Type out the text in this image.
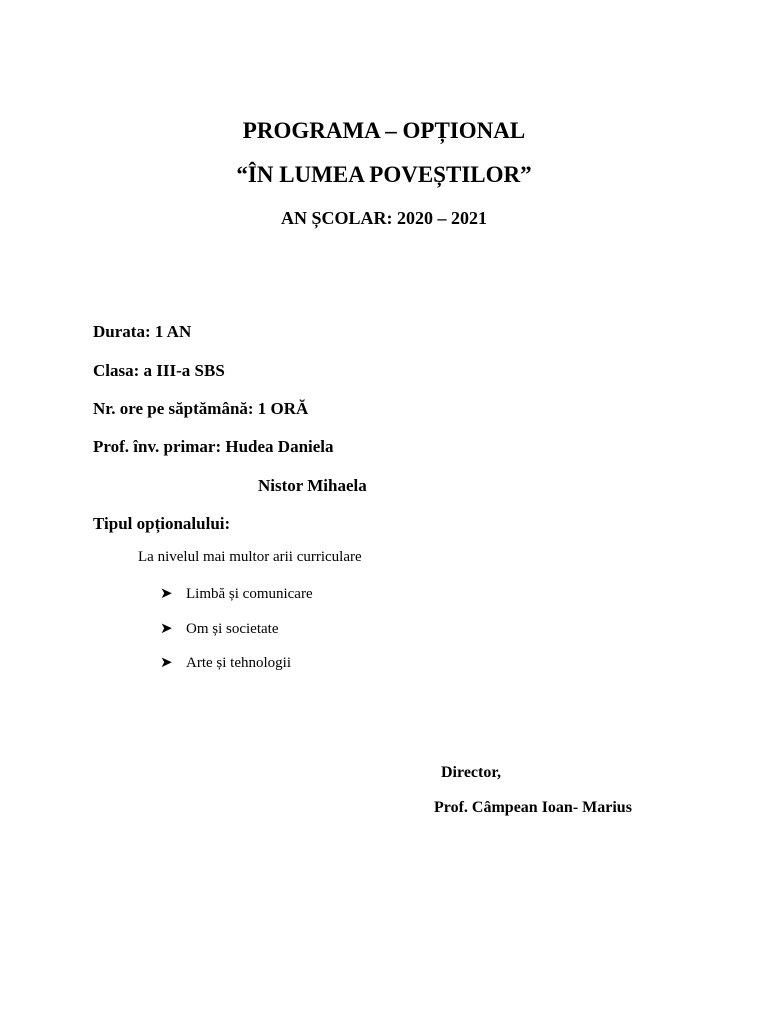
PROGRAMA – OPȚIONAL
“ÎN LUMEA POVEȘTILOR”
AN ȘCOLAR: 2020 – 2021
Durata: 1 AN
Clasa: a III-a SBS
Nr. ore pe săptămână: 1 ORĂ
Prof. înv. primar: Hudea Daniela
Nistor Mihaela
Tipul opționalului:
La nivelul mai multor arii curriculare
➤ Limbă și comunicare
➤ Om și societate
➤ Arte și tehnologii
Director,
Prof. Câmpean Ioan- Marius
